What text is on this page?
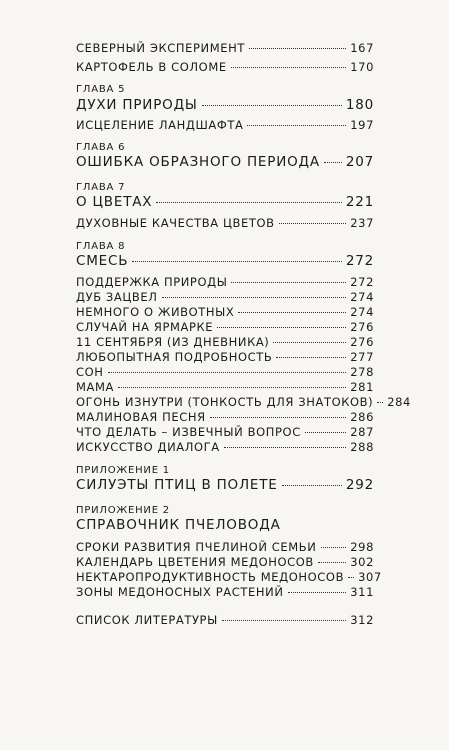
СЕВЕРНЫЙ ЭКСПЕРИМЕНТ	167
КАРТОФЕЛЬ В СОЛОМЕ	170
ГЛАВА 5
ДУХИ ПРИРОДЫ	180
ИСЦЕЛЕНИЕ ЛАНДШАФТА	197
ГЛАВА 6
ОШИБКА ОБРАЗНОГО ПЕРИОДА 207
ГЛАВА 7
О ЦВЕТАХ	221
ДУХОВНЫЕ КАЧЕСТВА ЦВЕТОВ	237
ГЛАВА 8
СМЕСЬ	272
ПОДДЕРЖКА ПРИРОДЫ	272
ДУБ ЗАЦВЕЛ	274
НЕМНОГО О ЖИВОТНЫХ	274
СЛУЧАЙ НА ЯРМАРКЕ	276
11 СЕНТЯБРЯ (ИЗ ДНЕВНИКА)	276
ЛЮБОПЫТНАЯ ПОДРОБНОСТЬ	277
СОН	278
МАМА	281
ОГОНЬ ИЗНУТРИ (ТОНКОСТЬ ДЛЯ ЗНАТОКОВ) 284
МАЛИНОВАЯ ПЕСНЯ	286
ЧТО ДЕЛАТЬ – ИЗВЕЧНЫЙ ВОПРОС	287
ИСКУССТВО ДИАЛОГА	288
ПРИЛОЖЕНИЕ 1
СИЛУЭТЫ ПТИЦ В ПОЛЕТЕ	292
ПРИЛОЖЕНИЕ 2
СПРАВОЧНИК ПЧЕЛОВОДА
СРОКИ РАЗВИТИЯ ПЧЕЛИНОЙ СЕМЬИ	298
КАЛЕНДАРЬ ЦВЕТЕНИЯ МЕДОНОСОВ	302
НЕКТАРОПРОДУКТИВНОСТЬ МЕДОНОСОВ 307
ЗОНЫ МЕДОНОСНЫХ РАСТЕНИЙ	311
СПИСОК ЛИТЕРАТУРЫ	312
